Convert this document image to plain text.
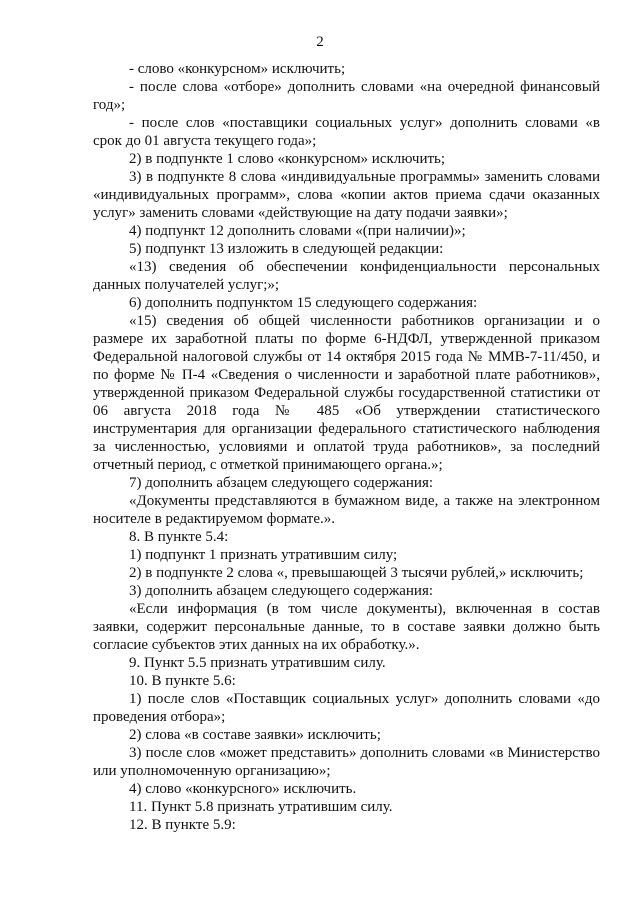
2

- слово «конкурсном» исключить;

- после слова «отборе» дополнить словами «на очередной финансовый год»;

- после слов «поставщики социальных услуг» дополнить словами «в срок до 01 августа текущего года»;

2) в подпункте 1 слово «конкурсном» исключить;

3) в подпункте 8 слова «индивидуальные программы» заменить словами «индивидуальных программ», слова «копии актов приема сдачи оказанных услуг» заменить словами «действующие на дату подачи заявки»;

4) подпункт 12 дополнить словами «(при наличии)»;

5) подпункт 13 изложить в следующей редакции:

«13) сведения об обеспечении конфиденциальности персональных данных получателей услуг;»;

6) дополнить подпунктом 15 следующего содержания:

«15) сведения об общей численности работников организации и о размере их заработной платы по форме 6-НДФЛ, утвержденной приказом Федеральной налоговой службы от 14 октября 2015 года № ММВ-7-11/450, и по форме № П-4 «Сведения о численности и заработной плате работников», утвержденной приказом Федеральной службы государственной статистики от 06 августа 2018 года № 485 «Об утверждении статистического инструментария для организации федерального статистического наблюдения за численностью, условиями и оплатой труда работников», за последний отчетный период, с отметкой принимающего органа.»;

7) дополнить абзацем следующего содержания:

«Документы представляются в бумажном виде, а также на электронном носителе в редактируемом формате.».

8. В пункте 5.4:

1) подпункт 1 признать утратившим силу;

2) в подпункте 2 слова «, превышающей 3 тысячи рублей,» исключить;

3) дополнить абзацем следующего содержания:

«Если информация (в том числе документы), включенная в состав заявки, содержит персональные данные, то в составе заявки должно быть согласие субъектов этих данных на их обработку.».

9. Пункт 5.5 признать утратившим силу.

10. В пункте 5.6:

1) после слов «Поставщик социальных услуг» дополнить словами «до проведения отбора»;

2) слова «в составе заявки» исключить;

3) после слов «может представить» дополнить словами «в Министерство или уполномоченную организацию»;

4) слово «конкурсного» исключить.

11. Пункт 5.8 признать утратившим силу.

12. В пункте 5.9:
